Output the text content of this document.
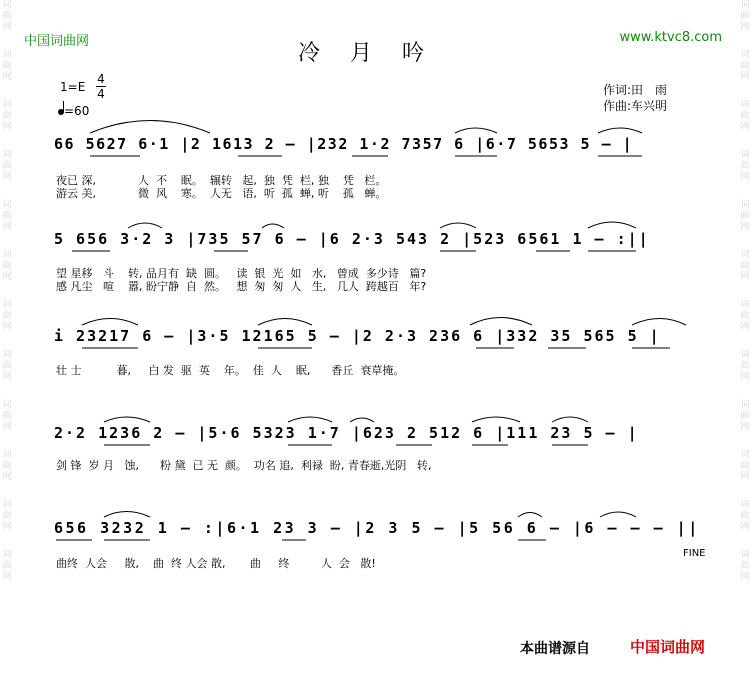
词曲网
词曲网
词曲网
词曲网
词曲网
词曲网
词曲网
词曲网
词曲网
词曲网
词曲网
词曲网
词曲网
词曲网
词曲网
词曲网
词曲网
词曲网
词曲网
词曲网
词曲网
词曲网
词曲网
词曲网
中国词曲网	www.ktvc8.com
冷月吟
1=E
4
4
=60
作词:田　雨
作曲:车兴明
66 5627 6·1 |2 1613 2 – |232 1·2 7357 6 |6·7 5653 5 – |
夜已 深,            人  不    眠。  辗转   起,  独  凭  栏, 独    凭   栏。
游云 美,            微  风    寒。  人无   语,  听  孤  蝉, 听    孤   蝉。
5 656 3·2 3 |735 57 6 – |6 2·3 543 2 |523 6561 1 – :||
望 星移   斗    转, 品月有  缺  圆。   读  银  光  如   水,   曾成  多少诗   篇?
感 凡尘   喧    嚣, 盼宁静  自  然。   想  匆  匆  人   生,   几人  跨越百   年?
i 23217 6 – |3·5 12165 5 – |2 2·3 236 6 |332 35 565 5 |
壮 士          暮,     白 发  驱  英    年。  佳  人    眠,      香丘  衰草掩。
2·2 1236 2 – |5·6 5323 1·7 |623 2 512 6 |111 23 5 – |
剑 锋  岁 月   蚀,      粉 黛  已 无  颜。  功名 追,  利禄  盼, 青春逝,光阴   转,
656 3232 1 – :|6·1 23 3 – |2 3 5 – |5 56 6 – |6 – – – ||
FINE
曲终  人会     散,    曲  终 人会 散,       曲     终         人  会   散!
本曲谱源自	中国词曲网
